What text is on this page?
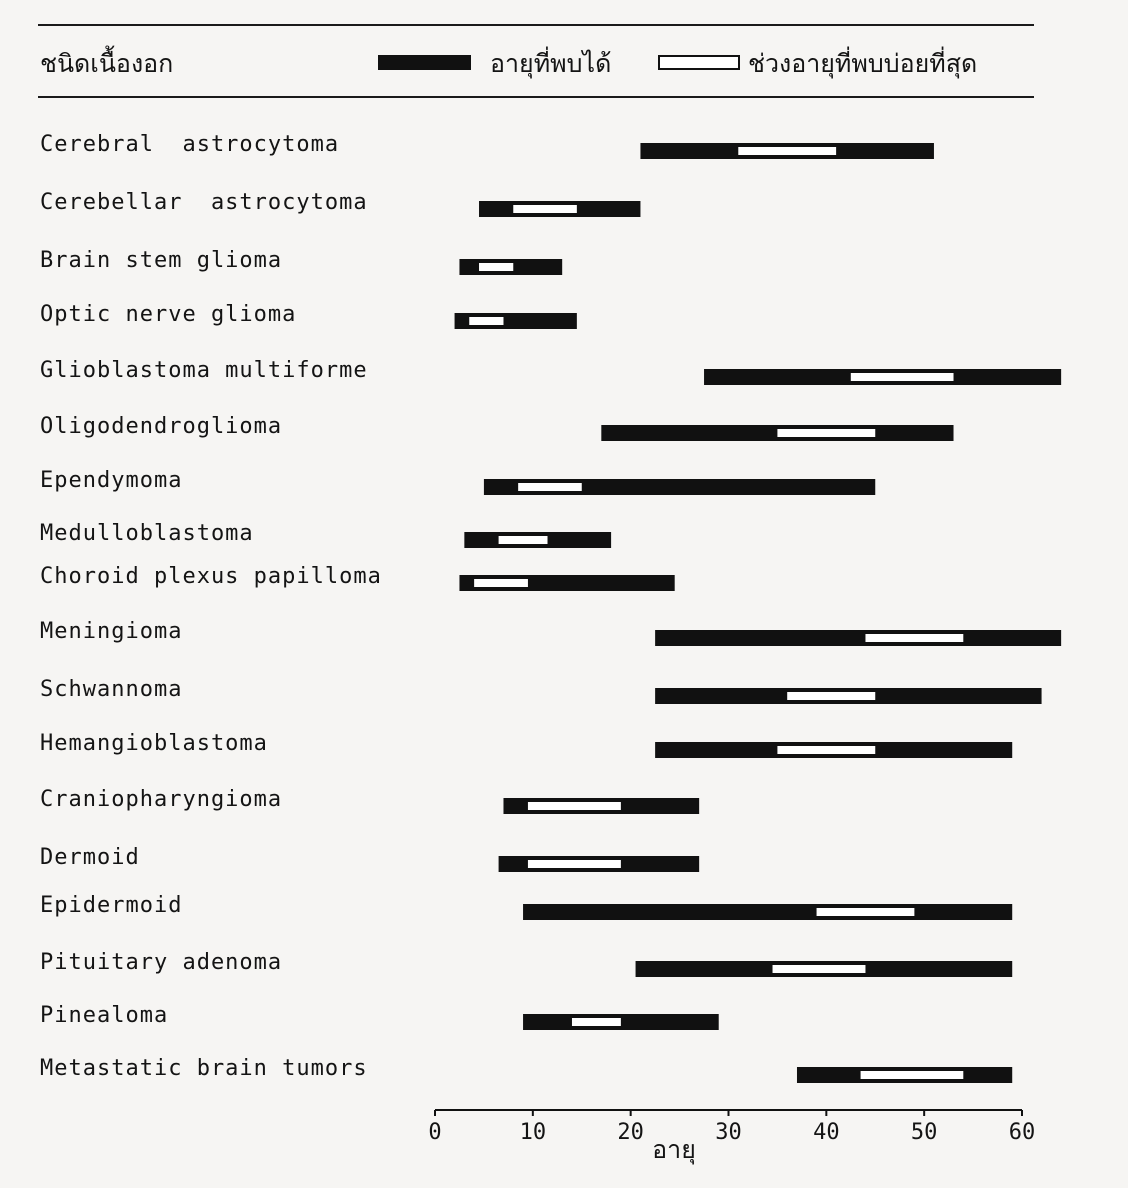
ชนิดเนื้องอก	อายุที่พบได้	ช่วงอายุที่พบบ่อยที่สุด
Cerebral  astrocytoma
Cerebellar  astrocytoma
Brain stem glioma
Optic nerve glioma
Glioblastoma multiforme
Oligodendroglioma
Ependymoma
Medulloblastoma
Choroid plexus papilloma
Meningioma
Schwannoma
Hemangioblastoma
Craniopharyngioma
Dermoid
Epidermoid
Pituitary adenoma
Pinealoma
Metastatic brain tumors
0	10	20	30	40	50	60
อายุ
